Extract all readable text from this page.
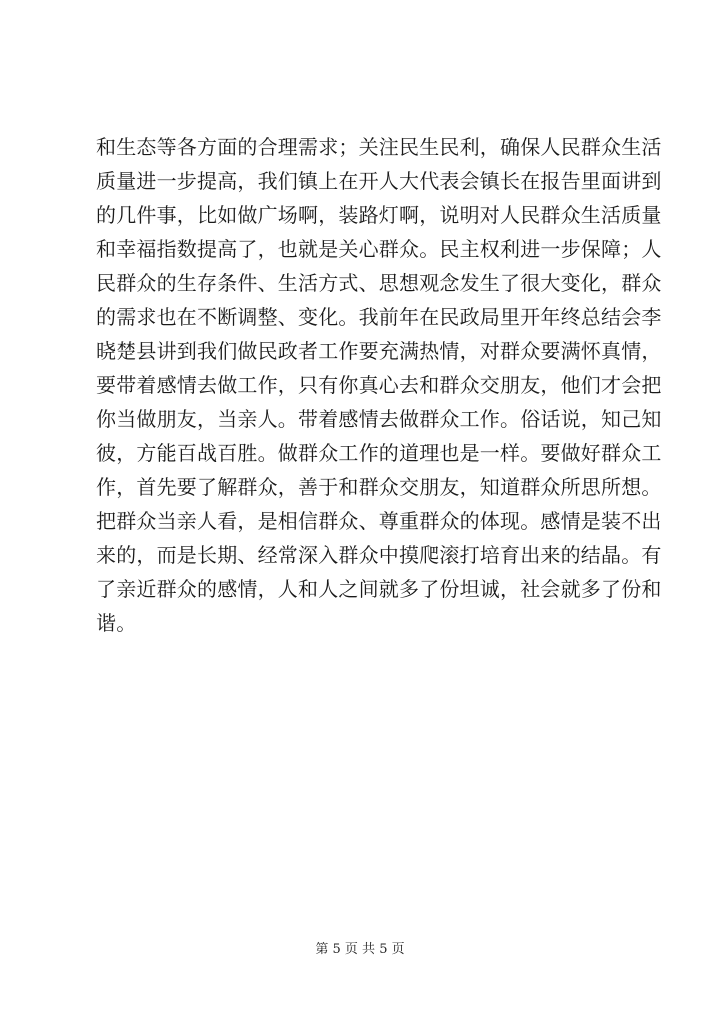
和生态等各方面的合理需求；关注民生民利，确保人民群众生活
质量进一步提高，我们镇上在开人大代表会镇长在报告里面讲到
的几件事，比如做广场啊，装路灯啊，说明对人民群众生活质量
和幸福指数提高了，也就是关心群众。民主权利进一步保障；人
民群众的生存条件、生活方式、思想观念发生了很大变化，群众
的需求也在不断调整、变化。我前年在民政局里开年终总结会李
晓楚县讲到我们做民政者工作要充满热情，对群众要满怀真情，
要带着感情去做工作，只有你真心去和群众交朋友，他们才会把
你当做朋友，当亲人。带着感情去做群众工作。俗话说，知己知
彼，方能百战百胜。做群众工作的道理也是一样。要做好群众工
作，首先要了解群众，善于和群众交朋友，知道群众所思所想。
把群众当亲人看，是相信群众、尊重群众的体现。感情是装不出
来的，而是长期、经常深入群众中摸爬滚打培育出来的结晶。有
了亲近群众的感情，人和人之间就多了份坦诚，社会就多了份和
谐。
第 5 页 共 5 页
